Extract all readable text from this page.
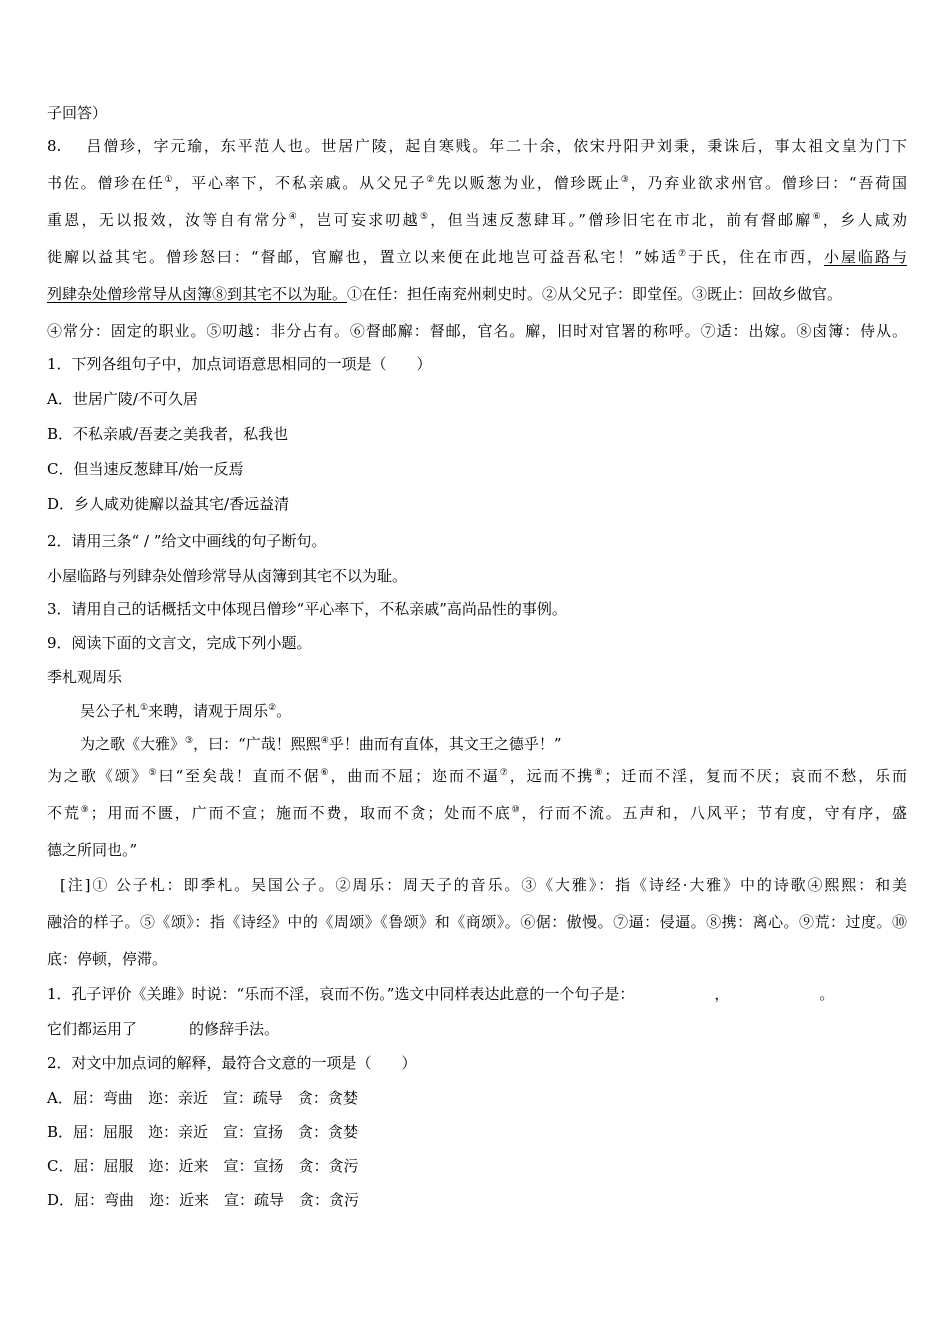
子回答）
8.　 吕僧珍，字元瑜，东平范人也。世居广陵，起自寒贱。年二十余，依宋丹阳尹刘秉，秉诛后，事太祖文皇为门下
书佐。僧珍在任①，平心率下，不私亲戚。从父兄子②先以贩葱为业，僧珍既止③，乃弃业欲求州官。僧珍曰：“吾荷国
重恩，无以报效，汝等自有常分④，岂可妄求叨越⑤，但当速反葱肆耳。”僧珍旧宅在市北，前有督邮廨⑥，乡人咸劝
徙廨以益其宅。僧珍怒曰：“督邮，官廨也，置立以来便在此地岂可益吾私宅！”姊适⑦于氏，住在市西，小屋临路与
列肆杂处僧珍常导从卤簿⑧到其宅不以为耻。①在任：担任南兖州刺史时。②从父兄子：即堂侄。③既止：回故乡做官。
④常分：固定的职业。⑤叨越：非分占有。⑥督邮廨：督邮，官名。廨，旧时对官署的称呼。⑦适：出嫁。⑧卤簿：侍从。
1．下列各组句子中，加点词语意思相同的一项是（　　）
A．世居广陵/不可久居
B．不私亲戚/吾妻之美我者，私我也
C．但当速反葱肆耳/始一反焉
D．乡人咸劝徙廨以益其宅/香远益清
2．请用三条“ / ”给文中画线的句子断句。
小屋临路与列肆杂处僧珍常导从卤簿到其宅不以为耻。
3．请用自己的话概括文中体现吕僧珍“平心率下，不私亲戚”高尚品性的事例。
9．阅读下面的文言文，完成下列小题。
季札观周乐
吴公子札①来聘，请观于周乐②。
为之歌《大雅》③，曰：“广哉！熙熙④乎！曲而有直体，其文王之德乎！”
为之歌《颂》⑤曰“至矣哉！直而不倨⑥，曲而不屈；迩而不逼⑦，远而不携⑧；迁而不淫，复而不厌；哀而不愁，乐而
不荒⑨；用而不匮，广而不宣；施而不费，取而不贪；处而不底⑩，行而不流。五声和，八风平；节有度，守有序，盛
德之所同也。”
[注]① 公子札：即季札。吴国公子。②周乐：周天子的音乐。③《大雅》：指《诗经·大雅》中的诗歌④熙熙：和美
融洽的样子。⑤《颂》：指《诗经》中的《周颂》《鲁颂》和《商颂》。⑥倨：傲慢。⑦逼：侵逼。⑧携：离心。⑨荒：过度。⑩
底：停顿，停滞。
1．孔子评价《关雎》时说：“乐而不淫，哀而不伤。”选文中同样表达此意的一个句子是：	，	。
它们都运用了	的修辞手法。
2．对文中加点词的解释，最符合文意的一项是（　　）
A．屈：弯曲　迩：亲近　宣：疏导　贪：贪婪
B．屈：屈服　迩：亲近　宣：宣扬　贪：贪婪
C．屈：屈服　迩：近来　宣：宣扬　贪：贪污
D．屈：弯曲　迩：近来　宣：疏导　贪：贪污
